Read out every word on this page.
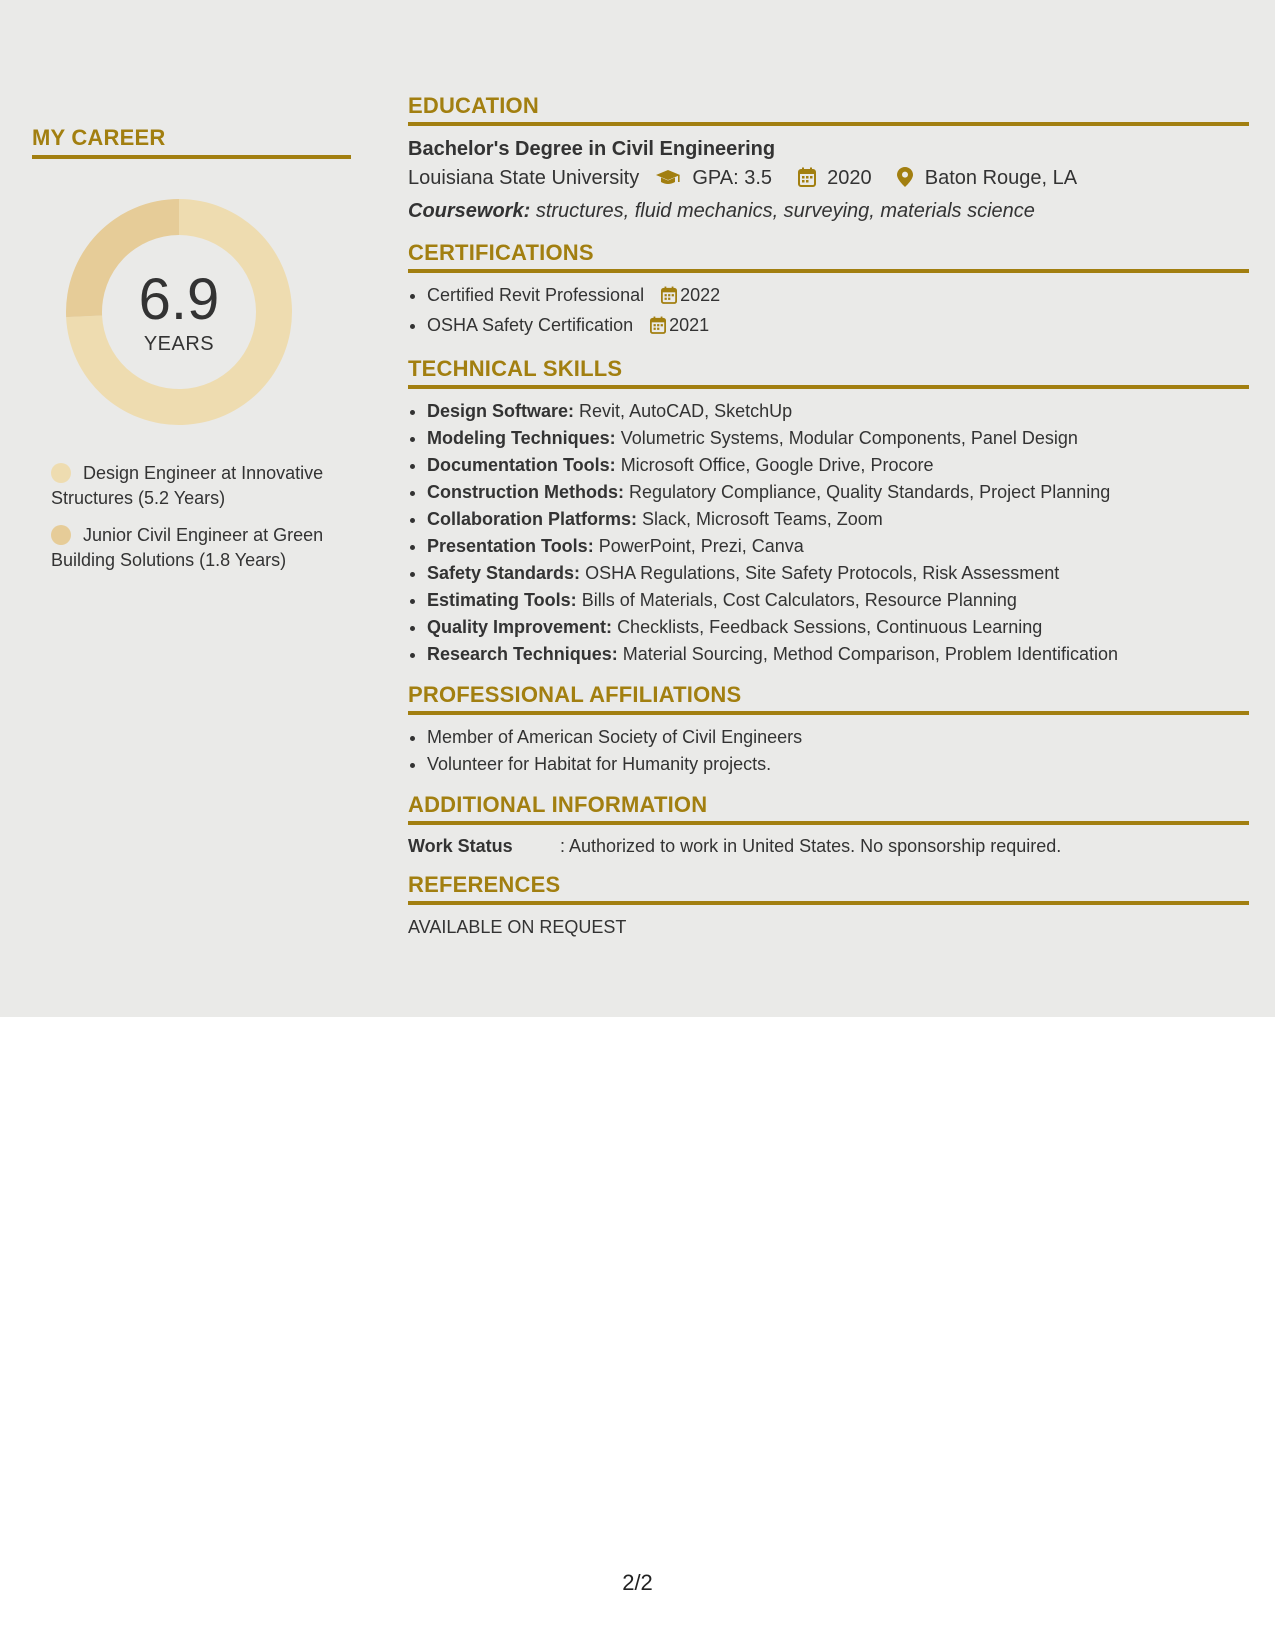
MY CAREER
6.9
YEARS
Design Engineer at Innovative Structures (5.2 Years)
Junior Civil Engineer at Green Building Solutions (1.8 Years)
EDUCATION
Bachelor's Degree in Civil Engineering
Louisiana State University	GPA: 3.5	2020	Baton Rouge, LA
Coursework: structures, fluid mechanics, surveying, materials science
CERTIFICATIONS
• Certified Revit Professional 2022
• OSHA Safety Certification 2021
TECHNICAL SKILLS
• Design Software: Revit, AutoCAD, SketchUp
• Modeling Techniques: Volumetric Systems, Modular Components, Panel Design
• Documentation Tools: Microsoft Office, Google Drive, Procore
• Construction Methods: Regulatory Compliance, Quality Standards, Project Planning
• Collaboration Platforms: Slack, Microsoft Teams, Zoom
• Presentation Tools: PowerPoint, Prezi, Canva
• Safety Standards: OSHA Regulations, Site Safety Protocols, Risk Assessment
• Estimating Tools: Bills of Materials, Cost Calculators, Resource Planning
• Quality Improvement: Checklists, Feedback Sessions, Continuous Learning
• Research Techniques: Material Sourcing, Method Comparison, Problem Identification
PROFESSIONAL AFFILIATIONS
• Member of American Society of Civil Engineers
• Volunteer for Habitat for Humanity projects.
ADDITIONAL INFORMATION
Work Status	: Authorized to work in United States. No sponsorship required.
REFERENCES
AVAILABLE ON REQUEST
2/2
